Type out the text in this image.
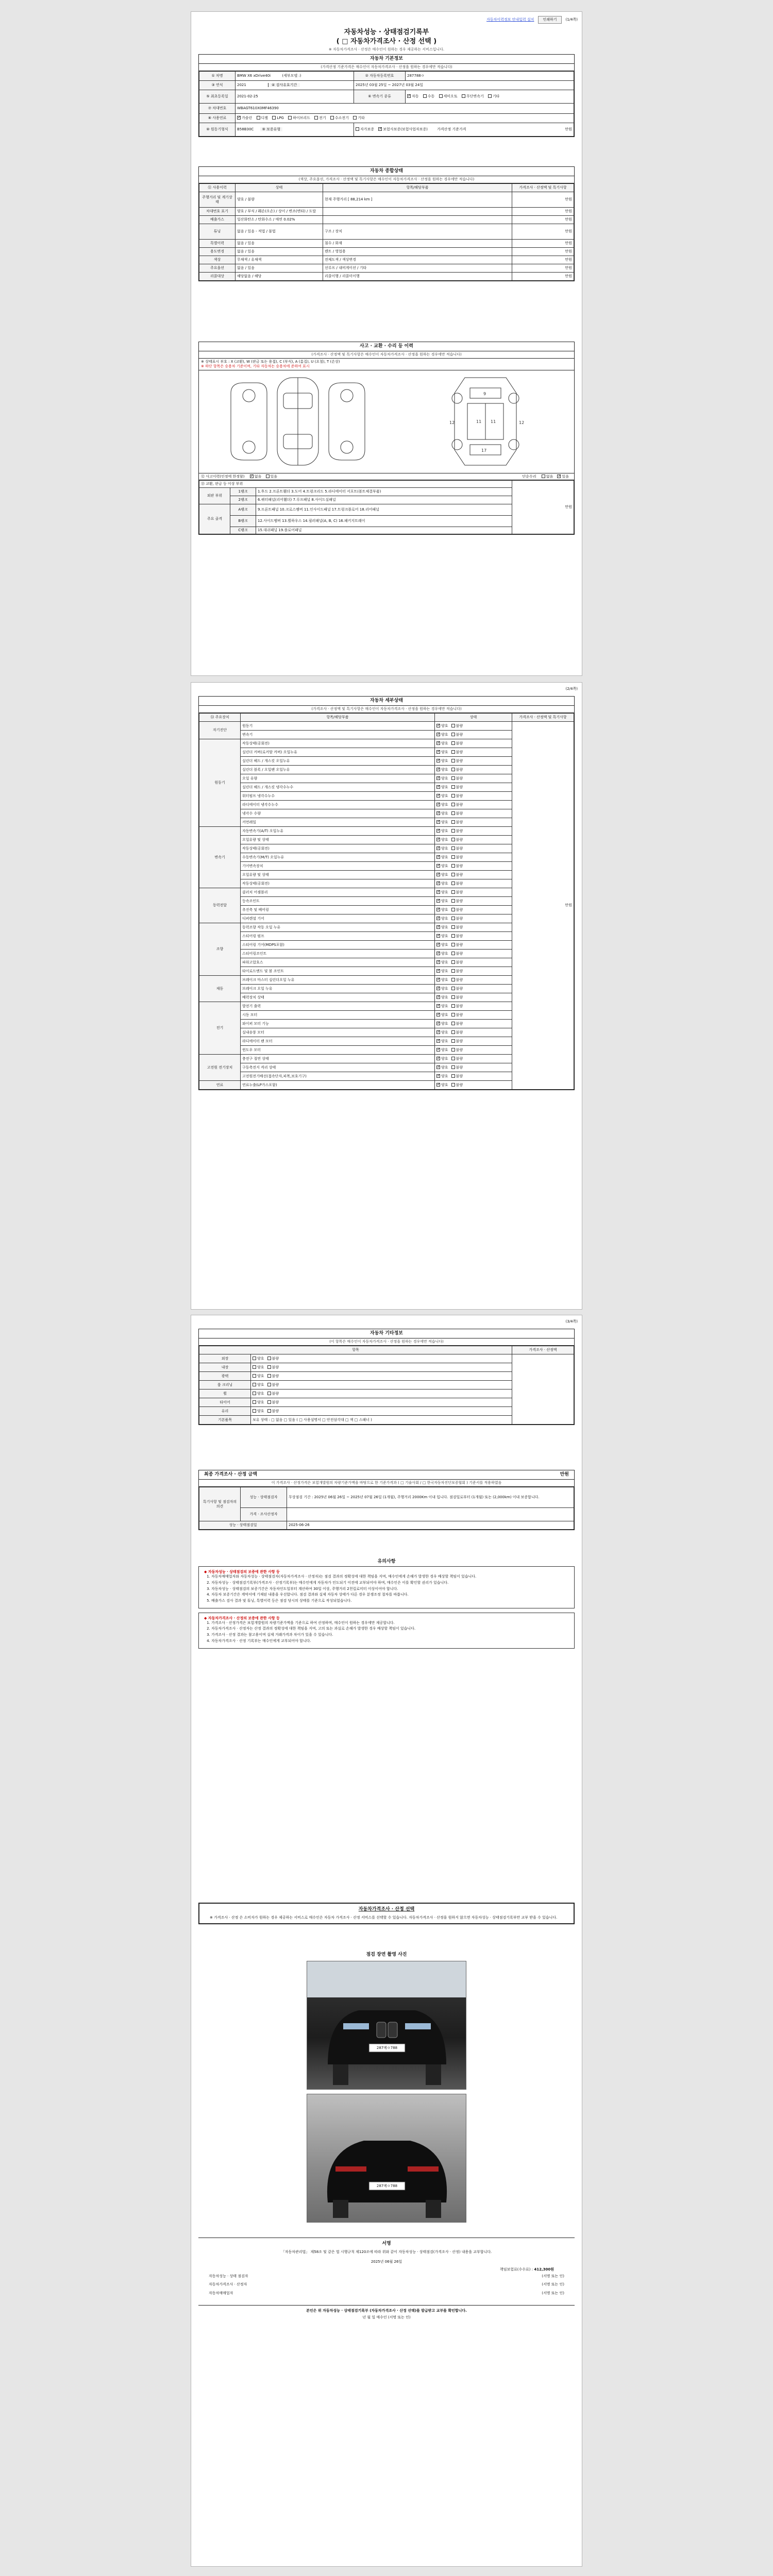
자동차이력정보 안내입력 설치	인쇄하기	(1/4쪽)
자동차성능 · 상태점검기록부
( □ 자동차가격조사 · 산정 선택 )
※ 자동차가격조사 · 산정은 매수인이 원하는 경우 제공하는 서비스입니다.
자동차 기본정보
(가격산정 기준가격은 매수인이 자동차가격조사 · 산정을 원하는 경우에만 적습니다)
① 차명	BMW X6 xDrive40i (세부모델 :)	② 자동차등록번호	287788ㅇ
③ 연식	2021 ④ 검사유효기간	2025년 03월 25일 ~ 2027년 03월 24일	
⑤ 최초등록일	2021-02-25	⑥ 변속기 종류	✓자동 수동 세미오토 무단변속기 기타
⑦ 차대번호	WBAGT610X0MF46390		
⑧ 사용연료	✓가솔린 디젤 LPG 하이브리드 전기 수소전기 기타
⑩ 원동기형식	B58B30C ⑨ 보증유형	자가보증 ✓ 보험사보증(보험사업자보증) 가격산정 기준가격 만원
자동차 종합상태
(색상, 주요옵션, 가격조사 · 산정액 및 특기사항은 매수인이 자동차가격조사 · 산정을 원하는 경우에만 적습니다)
⑪ 사용이력	상태	항목/해당부품	가격조사 · 산정액 및 특기사항
주행거리 및 계기상태	양호 / 불량	현재 주행거리 [ 88,214 km ]	만원
차대번호 표기	양호 / 부식 / 훼손(오손) / 상이 / 변조(변타) / 도말		만원
배출가스	일산화탄소 / 탄화수소 / 매연 0.02%		만원
튜닝	없음 / 있음 - 적법 / 불법	구조 / 장치	만원
특별이력	없음 / 있음	침수 / 화재	만원
용도변경	없음 / 있음	렌트 / 영업용	만원
색상	무채색 / 유채색	전체도색 / 색상변경	만원
주요옵션	없음 / 있음	선루프 / 내비게이션 / 기타	만원
리콜대상	해당없음 / 해당	리콜이행 / 리콜미이행	만원
사고 · 교환 · 수리 등 이력
(가격조사 · 산정액 및 특기사항은 매수인이 자동차가격조사 · 산정을 원하는 경우에만 적습니다)
※ 상태표시 부호 : X (교환), W (판금 또는 용접), C (부식), A (흠집), U (요철), T (손상)
※ 하단 항목은 승용차 기준이며, 기타 자동차는 승용차에 준하여 표시
9
11 11
17
12	12
⑫ 사고이력(인정에 한정함) ✓	없음 있음	단순수리	없음 ✓ 있음
⑬ 교환, 판금 등 이상 부위			만원
외판 부위	1랭크	1.후드 2.프론트휀더 3.도어 4.트렁크리드 5.라디에이터 서포트(볼트체결부품)	
	2랭크	6.쿼터패널(리어휀더) 7.루프패널 8.사이드실패널	
주요 골격	A랭크	9.프론트패널 10.크로스멤버 11.인사이드패널 17.트렁크플로어 18.리어패널	
	B랭크	12.사이드멤버 13.휠하우스 14.필러패널(A, B, C) 16.패키지트레이	
	C랭크	15.대쉬패널 19.플로어패널	
(2/4쪽)
자동차 세부상태
(가격조사 · 산정액 및 특기사항은 매수인이 자동차가격조사 · 산정을 원하는 경우에만 적습니다)
⑭ 주요장치	항목/해당부품	상태	가격조사 · 산정액 및 특기사항
자기진단	원동기	✓양호 불량	만원
	변속기	✓양호 불량
원동기	작동상태(공회전)	✓양호 불량
	실린더 커버(로커암 커버) 오일누유	✓양호 불량
	실린더 헤드 / 개스킷 오일누유	✓양호 불량
	실린더 블록 / 오일팬 오일누유	✓양호 불량
	오일 유량	✓양호 불량
	실린더 헤드 / 개스킷 냉각수누수	✓양호 불량
	워터펌프 냉각수누수	✓양호 불량
	라디에이터 냉각수누수	✓양호 불량
	냉각수 수량	✓양호 불량
	커먼레일	✓양호 불량
변속기	자동변속기(A/T) 오일누유	✓양호 불량
	오일유량 및 상태	✓양호 불량
	작동상태(공회전)	✓양호 불량
	수동변속기(M/T) 오일누유	✓양호 불량
	기어변속장치	✓양호 불량
	오일유량 및 상태	✓양호 불량
	작동상태(공회전)	✓양호 불량
동력전달	클러치 어셈블리	✓양호 불량
	등속조인트	✓양호 불량
	추진축 및 베어링	✓양호 불량
	디퍼렌셜 기어	✓양호 불량
조향	동력조향 작동 오일 누유	✓양호 불량
	스티어링 펌프	✓양호 불량
	스티어링 기어(MDPS포함)	✓양호 불량
	스티어링조인트	✓양호 불량
	파워고압호스	✓양호 불량
	타이로드엔드 및 볼 조인트	✓양호 불량
제동	브레이크 마스터 실린더오일 누유	✓양호 불량
	브레이크 오일 누유	✓양호 불량
	배력장치 상태	✓양호 불량
전기	발전기 출력	✓양호 불량
	시동 모터	✓양호 불량
	와이퍼 모터 기능	✓양호 불량
	실내송풍 모터	✓양호 불량
	라디에이터 팬 모터	✓양호 불량
	윈도우 모터	✓양호 불량
고전원 전기장치	충전구 절연 상태	✓양호 불량
	구동축전지 격리 상태	✓양호 불량
	고전원전기배선(접속단자,피복,보호기구)	✓양호 불량
연료	연료누출(LP가스포함)	✓양호 불량
(3/4쪽)
자동차 기타정보
(이 항목은 매수인이 자동차가격조사 · 산정을 원하는 경우에만 적습니다)
항목		가격조사 · 산정액
외장	양호 불량	
내장	양호 불량	
광택	양호 불량	
룸 크리닝	양호 불량	
휠	양호 불량	
타이어	양호 불량	
유리	양호 불량	
기본품목	보유 상태 : □ 없음 □ 있음 ( □ 사용설명서 □ 안전삼각대 □ 잭 □ 스패너 )	
최종 가격조사 · 산정 금액	만원
이 가격조사 · 산정가격은 보험개발원의 차량기준가액을 바탕으로 한 기준가격과 ( □ 기술사회 / □ 한국자동차진단보증협회 ) 기준서를 적용하였음
특기사항 및 점검자의 의견	성능 · 상태점검자	무상점검 기간 : 2025년 06월 26일 ~ 2025년 07월 26일 (1개월), 주행거리 2000Km 이내 입니다. 점검일로부터 (1개월) 또는 (2,000km) 이내 보증합니다.
	가격 · 조사산정자	
성능 · 상태점검일		2025-06-26
유의사항
◆ 자동차성능 · 상태점검의 보증에 관한 사항 등
1. 자동차매매업자와 자동차성능 · 상태점검자(자동차가격조사 · 산정자)는 점검 결과의 정확성에 대한 책임을 지며, 매수인에게 손해가 발생한 경우 배상할 책임이 있습니다.
2. 자동차성능 · 상태점검기록부(가격조사 · 산정기록부)는 매수인에게 자동차가 인도되기 이전에 교부되어야 하며, 매수인은 이를 확인할 권리가 있습니다.
3. 자동차성능 · 상태점검의 보증기간은 자동차인도일부터 계산하여 30일 이상, 주행거리 2천킬로미터 이상이어야 합니다.
4. 자동차 보증기간은 계약서에 기재된 내용을 우선합니다. 점검 결과와 실제 자동차 상태가 다른 경우 분쟁조정 절차를 따릅니다.
5. 배출가스 검사 결과 및 튜닝, 특별이력 등은 점검 당시의 상태를 기준으로 작성되었습니다.
◆ 자동차가격조사 · 산정의 보증에 관한 사항 등
1. 가격조사 · 산정가격은 보험개발원의 차량기준가액을 기준으로 하여 산정하며, 매수인이 원하는 경우에만 제공합니다.
2. 자동차가격조사 · 산정자는 산정 결과의 정확성에 대한 책임을 지며, 고의 또는 과실로 손해가 발생한 경우 배상할 책임이 있습니다.
3. 가격조사 · 산정 결과는 참고용이며 실제 거래가격과 차이가 있을 수 있습니다.
4. 자동차가격조사 · 산정 기록부는 매수인에게 교부되어야 합니다.
자동차가격조사 · 산정 선택
※ 가격조사 · 산정 은 소비자가 원하는 경우 제공하는 서비스로 매수인은 자동차 가격조사 · 산정 서비스를 선택할 수 있습니다. 자동차가격조사 · 산정을 원하지 않으면 자동차성능 · 상태점검기록부만 교부 받을 수 있습니다.
점검 장면 촬영 사진
287메ㅇ788
287메ㅇ788
서명
「자동차관리법」 제58조 및 같은 법 시행규칙 제120조에 따라 위와 같이 자동차성능 · 상태점검(가격조사 · 산정) 내용을 교부합니다.
2025년 06월 26일
책임보험료(수수료) : 412,300원
자동차성능 · 상태 점검자	(서명 또는 인)
자동차가격조사 · 산정자	(서명 또는 인)
자동차매매업자	(서명 또는 인)
본인은 위 자동차성능 · 상태점검기록부 (자동차가격조사 · 산정 선택)를 발급받고 교부를 확인합니다.
년 월 일 매수인 (서명 또는 인)
